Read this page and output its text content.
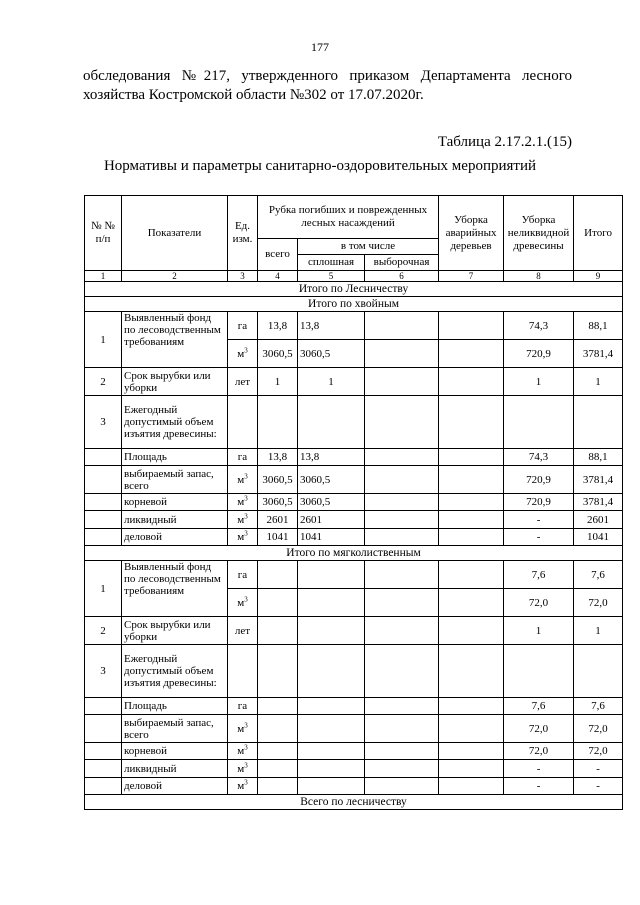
177
обследования №217, утвержденного приказом Департамента лесного хозяйства Костромской области №302 от 17.07.2020г.
Таблица 2.17.2.1.(15)
Нормативы и параметры санитарно-оздоровительных мероприятий
№ № п/п	Показатели	Ед. изм.	Рубка погибших и поврежденных лесных насаждений			Уборка аварийных деревьев	Уборка неликвидной древесины	Итого
			всего	в том числе				
				сплошная	выборочная			
1	2	3	4	5	6	7	8	9
Итого по Лесничеству								
Итого по хвойным								
1	Выявленный фонд по лесоводственным требованиям	га	13,8	13,8			74,3	88,1
		$м^3$	3060,5	3060,5			720,9	3781,4
2	Срок вырубки или уборки	лет	1	1			1	1
3	Ежегодный допустимый объем изъятия древесины:							
	Площадь	га	13,8	13,8			74,3	88,1
	выбираемый запас, всего	$м^3$	3060,5	3060,5			720,9	3781,4
	корневой	$м^3$	3060,5	3060,5			720,9	3781,4
	ликвидный	$м^3$	2601	2601			-	2601
	деловой	$м^3$	1041	1041			-	1041
Итого по мягколиственным								
1	Выявленный фонд по лесоводственным требованиям	га					7,6	7,6
		$м^3$					72,0	72,0
2	Срок вырубки или уборки	лет					1	1
3	Ежегодный допустимый объем изъятия древесины:							
	Площадь	га					7,6	7,6
	выбираемый запас, всего	$м^3$					72,0	72,0
	корневой	$м^3$					72,0	72,0
	ликвидный	$м^3$					-	-
	деловой	$м^3$					-	-
Всего по лесничеству								
